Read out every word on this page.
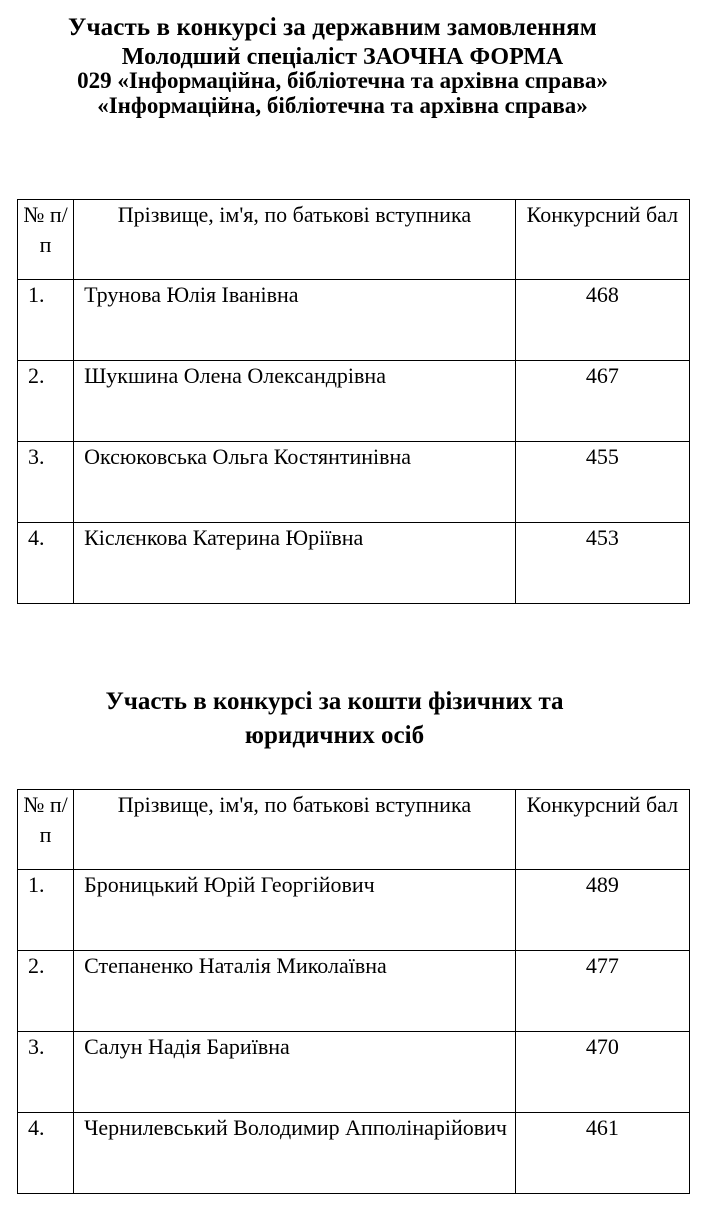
Участь в конкурсі за державним замовленням
Молодший спеціаліст ЗАОЧНА ФОРМА
029 «Інформаційна, бібліотечна та архівна справа»
«Інформаційна, бібліотечна та архівна справа»
№ п/п	Прізвище, ім'я, по батькові вступника	Конкурсний бал
1.	Трунова Юлія Іванівна	468
2.	Шукшина Олена Олександрівна	467
3.	Оксюковська Ольга Костянтинівна	455
4.	Кіслєнкова Катерина Юріївна	453
Участь в конкурсі за кошти фізичних та
юридичних осіб
№ п/п	Прізвище, ім'я, по батькові вступника	Конкурсний бал
1.	Броницький Юрій Георгійович	489
2.	Степаненко Наталія Миколаївна	477
3.	Салун Надія Бариївна	470
4.	Чернилевський Володимир Апполінарійович	461
